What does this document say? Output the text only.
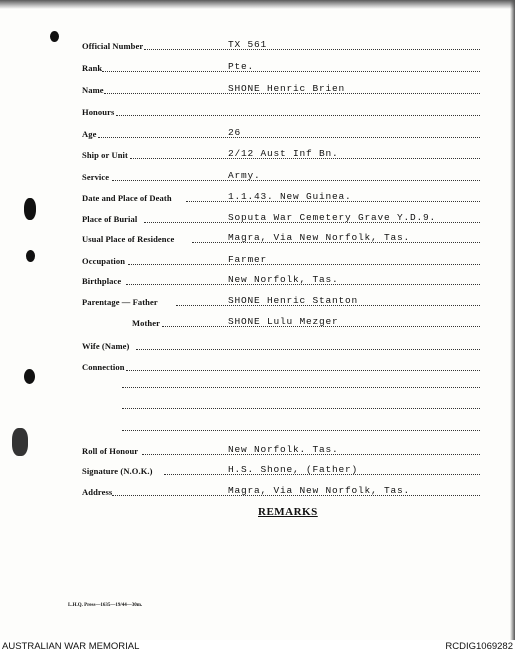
Official Number	TX 561
Rank	Pte.
Name	SHONE Henric Brien
Honours
Age	26
Ship or Unit	2/12 Aust Inf Bn.
Service	Army.
Date and Place of Death	1.1.43. New Guinea.
Place of Burial	Soputa War Cemetery Grave Y.D.9.
Usual Place of Residence	Magra, Via New Norfolk, Tas.
Occupation	Farmer
Birthplace	New Norfolk, Tas.
Parentage — Father	SHONE Henric Stanton
Mother	SHONE Lulu Mezger
Wife (Name)
Connection
Roll of Honour	New Norfolk. Tas.
Signature (N.O.K.)	H.S. Shone, (Father)
Address	Magra, Via New Norfolk, Tas.
REMARKS
L.H.Q. Press—1635—19/44—30m.
AUSTRALIAN WAR MEMORIAL	RCDIG1069282
